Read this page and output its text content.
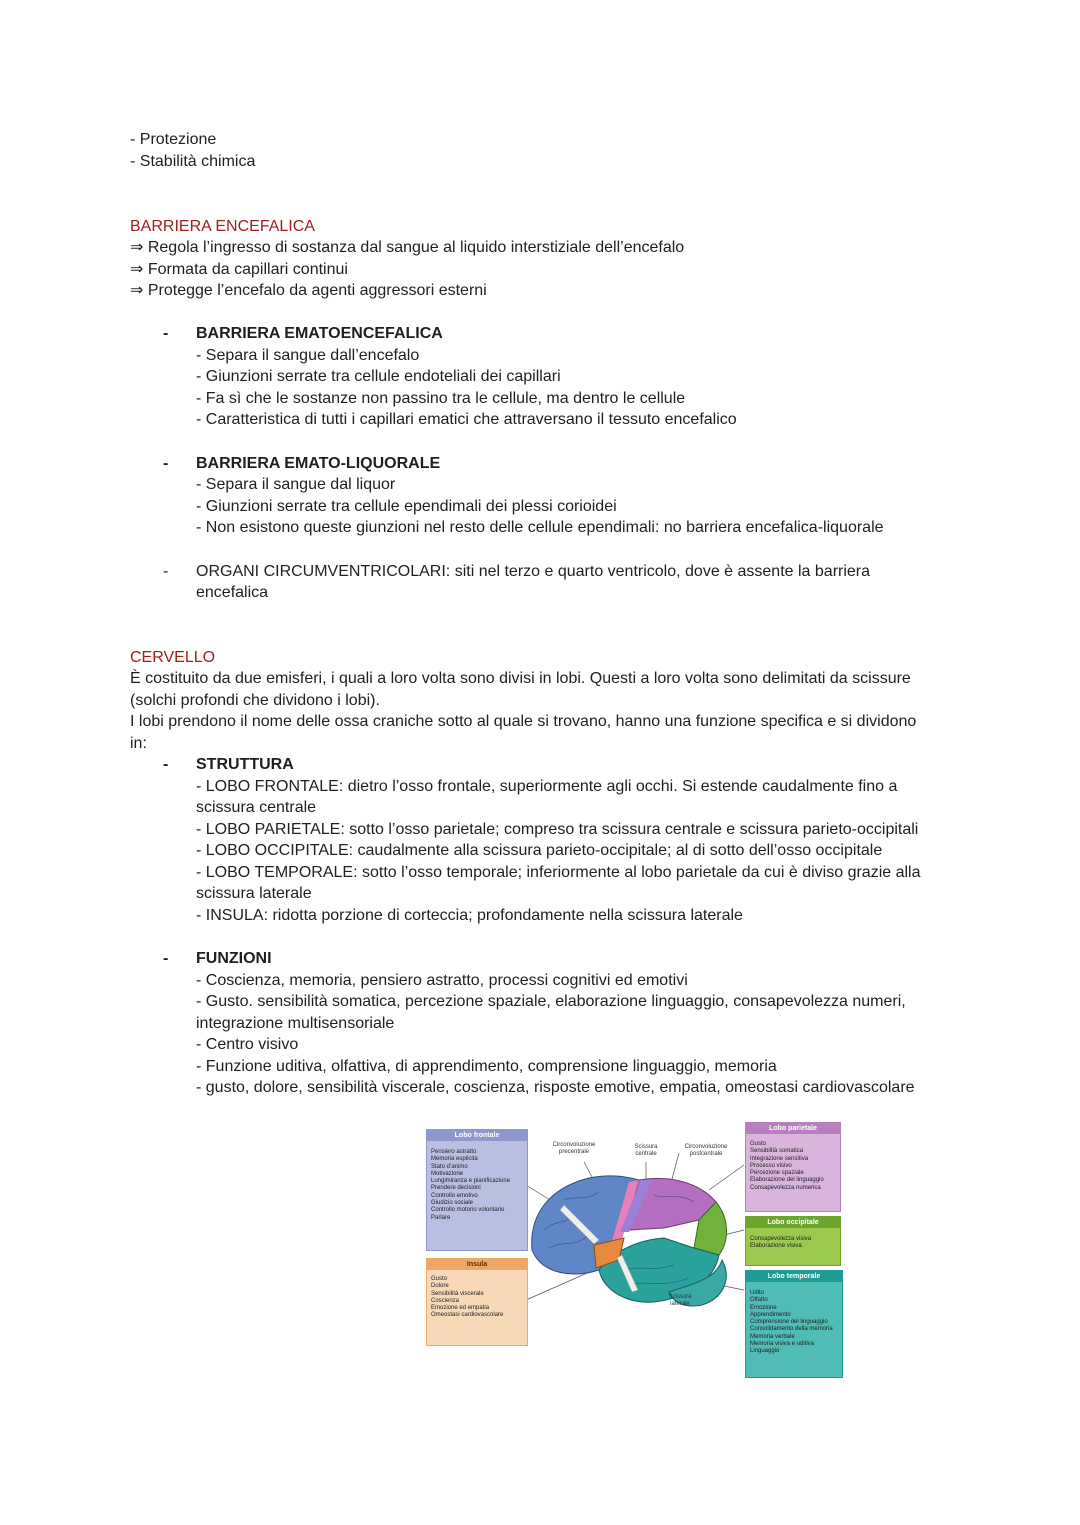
- Protezione
- Stabilità chimica
BARRIERA ENCEFALICA
⇒ Regola l’ingresso di sostanza dal sangue al liquido interstiziale dell’encefalo
⇒ Formata da capillari continui
⇒ Protegge l’encefalo da agenti aggressori esterni
- BARRIERA EMATOENCEFALICA
- Separa il sangue dall’encefalo
- Giunzioni serrate tra cellule endoteliali dei capillari
- Fa sì che le sostanze non passino tra le cellule, ma dentro le cellule
- Caratteristica di tutti i capillari ematici che attraversano il tessuto encefalico
- BARRIERA EMATO-LIQUORALE
- Separa il sangue dal liquor
- Giunzioni serrate tra cellule ependimali dei plessi corioidei
- Non esistono queste giunzioni nel resto delle cellule ependimali: no barriera encefalica-liquorale
- ORGANI CIRCUMVENTRICOLARI: siti nel terzo e quarto ventricolo, dove è assente la barriera
encefalica
CERVELLO
È costituito da due emisferi, i quali a loro volta sono divisi in lobi. Questi a loro volta sono delimitati da scissure
(solchi profondi che dividono i lobi).
I lobi prendono il nome delle ossa craniche sotto al quale si trovano, hanno una funzione specifica e si dividono
in:
- STRUTTURA
- LOBO FRONTALE: dietro l’osso frontale, superiormente agli occhi. Si estende caudalmente fino a
scissura centrale
- LOBO PARIETALE: sotto l’osso parietale; compreso tra scissura centrale e scissura parieto-occipitali
- LOBO OCCIPITALE: caudalmente alla scissura parieto-occipitale; al di sotto dell’osso occipitale
- LOBO TEMPORALE: sotto l’osso temporale; inferiormente al lobo parietale da cui è diviso grazie alla
scissura laterale
- INSULA: ridotta porzione di corteccia; profondamente nella scissura laterale
- FUNZIONI
- Coscienza, memoria, pensiero astratto, processi cognitivi ed emotivi
- Gusto. sensibilità somatica, percezione spaziale, elaborazione linguaggio, consapevolezza numeri,
integrazione multisensoriale
- Centro visivo
- Funzione uditiva, olfattiva, di apprendimento, comprensione linguaggio, memoria
- gusto, dolore, sensibilità viscerale, coscienza, risposte emotive, empatia, omeostasi cardiovascolare
Lobo frontale
Pensiero astratto
Memoria esplicita
Stato d’animo
Motivazione
Lungimiranza e pianificazione
Prendere decisioni
Controllo emotivo
Giudizio sociale
Controllo motorio volontario
Parlare
Insula
Gusto
Dolore
Sensibilità viscerale
Coscienza
Emozione ed empatia
Omeostasi cardiovascolare
Lobo parietale
Gusto
Sensibilità somatica
Integrazione sensitiva
Processo visivo
Percezione spaziale
Elaborazione del linguaggio
Consapevolezza numerica
Lobo occipitale
Consapevolezza visiva
Elaborazione visiva
Lobo temporale
Udito
Olfatto
Emozione
Apprendimento
Comprensione del linguaggio
Consolidamento della memoria
Memoria verbale
Memoria visiva e uditiva
Linguaggio
Circonvoluzione precentrale
Scissura centrale
Circonvoluzione postcentrale
Scissura laterale
